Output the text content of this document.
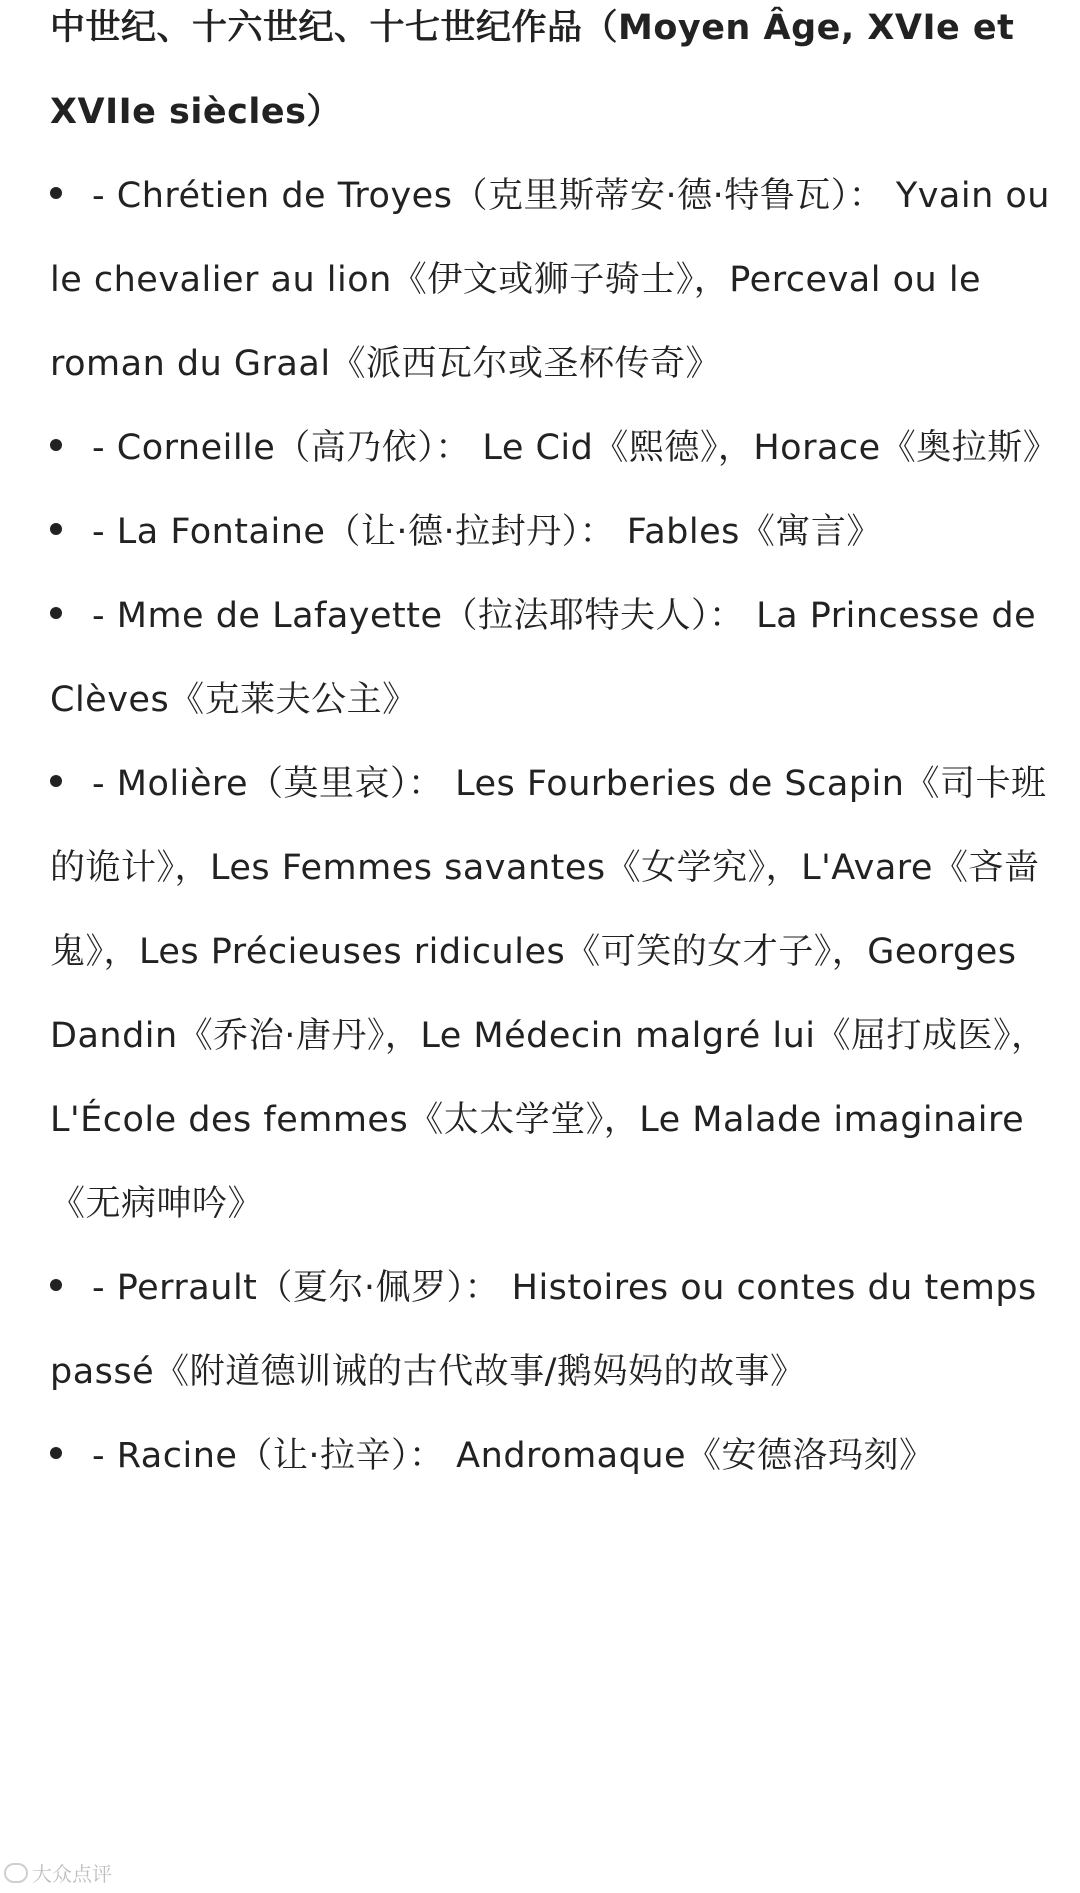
中世纪、十六世纪、十七世纪作品（Moyen Âge, XVIe et XVIIe siècles）

- Chrétien de Troyes（克里斯蒂安·德·特鲁瓦）： Yvain ou le chevalier au lion《伊文或狮子骑士》，Perceval ou le roman du Graal《派西瓦尔或圣杯传奇》
- Corneille（高乃依）： Le Cid《熙德》，Horace《奥拉斯》
- La Fontaine（让·德·拉封丹）： Fables《寓言》
- Mme de Lafayette（拉法耶特夫人）： La Princesse de Clèves《克莱夫公主》
- Molière（莫里哀）： Les Fourberies de Scapin《司卡班的诡计》，Les Femmes savantes《女学究》，L'Avare《吝啬鬼》，Les Précieuses ridicules《可笑的女才子》，Georges Dandin《乔治·唐丹》，Le Médecin malgré lui《屈打成医》，L'École des femmes《太太学堂》，Le Malade imaginaire《无病呻吟》
- Perrault（夏尔·佩罗）： Histoires ou contes du temps passé《附道德训诫的古代故事/鹅妈妈的故事》
- Racine（让·拉辛）： Andromaque《安德洛玛刻》
大众点评
